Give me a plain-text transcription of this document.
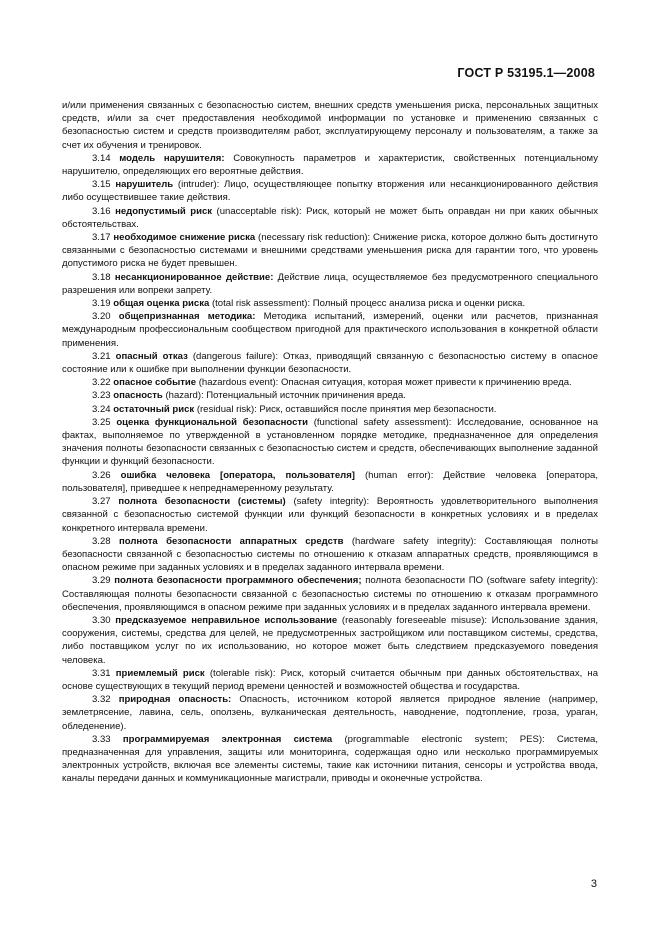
ГОСТ Р 53195.1—2008

и/или применения связанных с безопасностью систем, внешних средств уменьшения риска, персональных защитных средств, и/или за счет предоставления необходимой информации по установке и применению связанных с безопасностью систем и средств производителям работ, эксплуатирующему персоналу и пользователям, а также за счет их обучения и тренировок.

3.14 модель нарушителя: Совокупность параметров и характеристик, свойственных потенциальному нарушителю, определяющих его вероятные действия.

3.15 нарушитель (intruder): Лицо, осуществляющее попытку вторжения или несанкционированного действия либо осуществившее такие действия.

3.16 недопустимый риск (unacceptable risk): Риск, который не может быть оправдан ни при каких обычных обстоятельствах.

3.17 необходимое снижение риска (necessary risk reduction): Снижение риска, которое должно быть достигнуто связанными с безопасностью системами и внешними средствами уменьшения риска для гарантии того, что уровень допустимого риска не будет превышен.

3.18 несанкционированное действие: Действие лица, осуществляемое без предусмотренного специального разрешения или вопреки запрету.

3.19 общая оценка риска (total risk assessment): Полный процесс анализа риска и оценки риска.

3.20 общепризнанная методика: Методика испытаний, измерений, оценки или расчетов, признанная международным профессиональным сообществом пригодной для практического использования в конкретной области применения.

3.21 опасный отказ (dangerous failure): Отказ, приводящий связанную с безопасностью систему в опасное состояние или к ошибке при выполнении функции безопасности.

3.22 опасное событие (hazardous event): Опасная ситуация, которая может привести к причинению вреда.

3.23 опасность (hazard): Потенциальный источник причинения вреда.

3.24 остаточный риск (residual risk): Риск, оставшийся после принятия мер безопасности.

3.25 оценка функциональной безопасности (functional safety assessment): Исследование, основанное на фактах, выполняемое по утвержденной в установленном порядке методике, предназначенное для определения значения полноты безопасности связанных с безопасностью систем и средств, обеспечивающих выполнение заданной функции и функций безопасности.

3.26 ошибка человека [оператора, пользователя] (human error): Действие человека [оператора, пользователя], приведшее к непреднамеренному результату.

3.27 полнота безопасности (системы) (safety integrity): Вероятность удовлетворительного выполнения связанной с безопасностью системой функции или функций безопасности в конкретных условиях и в пределах конкретного интервала времени.

3.28 полнота безопасности аппаратных средств (hardware safety integrity): Составляющая полноты безопасности связанной с безопасностью системы по отношению к отказам аппаратных средств, проявляющимся в опасном режиме при заданных условиях и в пределах заданного интервала времени.

3.29 полнота безопасности программного обеспечения; полнота безопасности ПО (software safety integrity): Составляющая полноты безопасности связанной с безопасностью системы по отношению к отказам программного обеспечения, проявляющимся в опасном режиме при заданных условиях и в пределах заданного интервала времени.

3.30 предсказуемое неправильное использование (reasonably foreseeable misuse): Использование здания, сооружения, системы, средства для целей, не предусмотренных застройщиком или поставщиком системы, средства, либо поставщиком услуг по их использованию, но которое может быть следствием предсказуемого поведения человека.

3.31 приемлемый риск (tolerable risk): Риск, который считается обычным при данных обстоятельствах, на основе существующих в текущий период времени ценностей и возможностей общества и государства.

3.32 природная опасность: Опасность, источником которой является природное явление (например, землетрясение, лавина, сель, оползень, вулканическая деятельность, наводнение, подтопление, гроза, ураган, обледенение).

3.33 программируемая электронная система (programmable electronic system; PES): Система, предназначенная для управления, защиты или мониторинга, содержащая одно или несколько программируемых электронных устройств, включая все элементы системы, такие как источники питания, сенсоры и устройства ввода, каналы передачи данных и коммуникационные магистрали, приводы и оконечные устройства.

3
